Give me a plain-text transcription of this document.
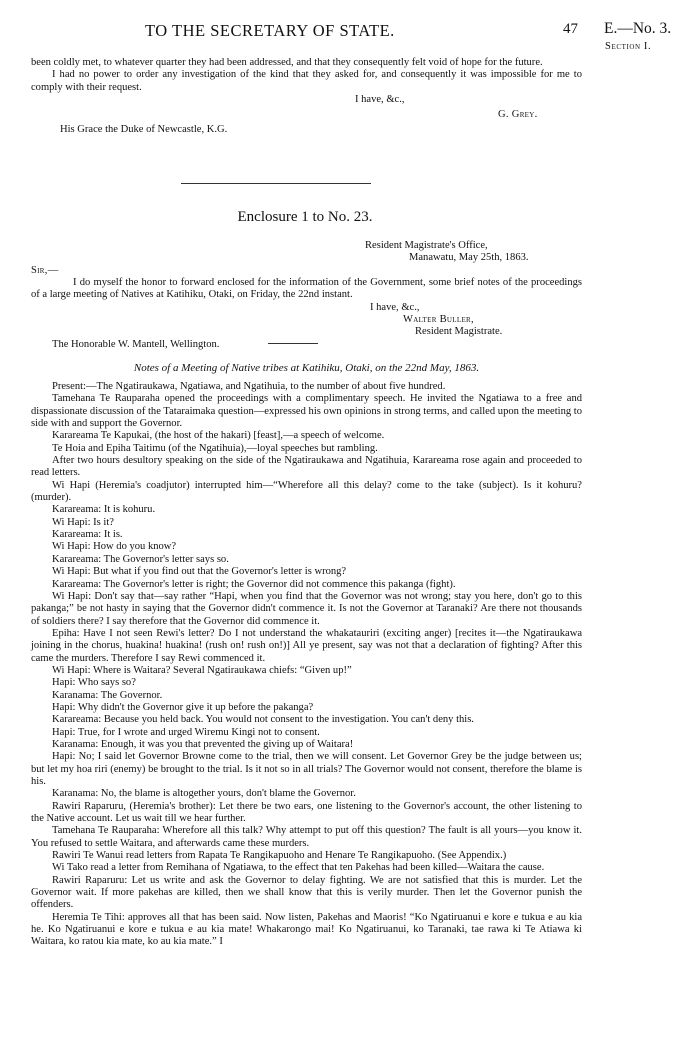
TO THE SECRETARY OF STATE.	47 E.—No. 3.
Section I.

been coldly met, to whatever quarter they had been addressed, and that they consequently felt void of hope for the future.

I had no power to order any investigation of the kind that they asked for, and consequently it was impossible for me to comply with their request.

I have, &c.,

G. Grey.

His Grace the Duke of Newcastle, K.G.

Enclosure 1 to No. 23.

Resident Magistrate's Office,

Manawatu, May 25th, 1863.

Sir,—

I do myself the honor to forward enclosed for the information of the Government, some brief notes of the proceedings of a large meeting of Natives at Katihiku, Otaki, on Friday, the 22nd instant.

I have, &c.,

Walter Buller,

Resident Magistrate.

The Honorable W. Mantell, Wellington.

Notes of a Meeting of Native tribes at Katihiku, Otaki, on the 22nd May, 1863.

Present:—The Ngatiraukawa, Ngatiawa, and Ngatihuia, to the number of about five hundred.

Tamehana Te Rauparaha opened the proceedings with a complimentary speech. He invited the Ngatiawa to a free and dispassionate discussion of the Tataraimaka question—expressed his own opinions in strong terms, and called upon the meeting to side with and support the Governor.

Karareama Te Kapukai, (the host of the hakari) [feast],—a speech of welcome.

Te Hoia and Epiha Taitimu (of the Ngatihuia),—loyal speeches but rambling.

After two hours desultory speaking on the side of the Ngatiraukawa and Ngatihuia, Karareama rose again and proceeded to read letters.

Wi Hapi (Heremia's coadjutor) interrupted him—“Wherefore all this delay? come to the take (subject). Is it kohuru? (murder).

Karareama: It is kohuru.

Wi Hapi: Is it?

Karareama: It is.

Wi Hapi: How do you know?

Karareama: The Governor's letter says so.

Wi Hapi: But what if you find out that the Governor's letter is wrong?

Karareama: The Governor's letter is right; the Governor did not commence this pakanga (fight).

Wi Hapi: Don't say that—say rather “Hapi, when you find that the Governor was not wrong; stay you here, don't go to this pakanga;” be not hasty in saying that the Governor didn't commence it. Is not the Governor at Taranaki? Are there not thousands of soldiers there? I say therefore that the Governor did commence it.

Epiha: Have I not seen Rewi's letter? Do I not understand the whakatauriri (exciting anger) [recites it—the Ngatiraukawa joining in the chorus, huakina! huakina! (rush on! rush on!)] All ye present, say was not that a declaration of fighting? After this came the murders. Therefore I say Rewi commenced it.

Wi Hapi: Where is Waitara? Several Ngatiraukawa chiefs: “Given up!”

Hapi: Who says so?

Karanama: The Governor.

Hapi: Why didn't the Governor give it up before the pakanga?

Karareama: Because you held back. You would not consent to the investigation. You can't deny this.

Hapi: True, for I wrote and urged Wiremu Kingi not to consent.

Karanama: Enough, it was you that prevented the giving up of Waitara!

Hapi: No; I said let Governor Browne come to the trial, then we will consent. Let Governor Grey be the judge between us; but let my hoa riri (enemy) be brought to the trial. Is it not so in all trials? The Governor would not consent, therefore the blame is his.

Karanama: No, the blame is altogether yours, don't blame the Governor.

Rawiri Raparuru, (Heremia's brother): Let there be two ears, one listening to the Governor's account, the other listening to the Native account. Let us wait till we hear further.

Tamehana Te Rauparaha: Wherefore all this talk? Why attempt to put off this question? The fault is all yours—you know it. You refused to settle Waitara, and afterwards came these murders.

Rawiri Te Wanui read letters from Rapata Te Rangikapuoho and Henare Te Rangikapuoho. (See Appendix.)

Wi Tako read a letter from Remihana of Ngatiawa, to the effect that ten Pakehas had been killed—Waitara the cause.

Rawiri Raparuru: Let us write and ask the Governor to delay fighting. We are not satisfied that this is murder. Let the Governor wait. If more pakehas are killed, then we shall know that this is verily murder. Then let the Governor punish the offenders.

Heremia Te Tihi: approves all that has been said. Now listen, Pakehas and Maoris! “Ko Ngatiruanui e kore e tukua e au kia he. Ko Ngatiruanui e kore e tukua e au kia mate! Whakarongo mai! Ko Ngatiruanui, ko Taranaki, tae rawa ki Te Atiawa ki Waitara, ko ratou kia mate, ko au kia mate.” I
